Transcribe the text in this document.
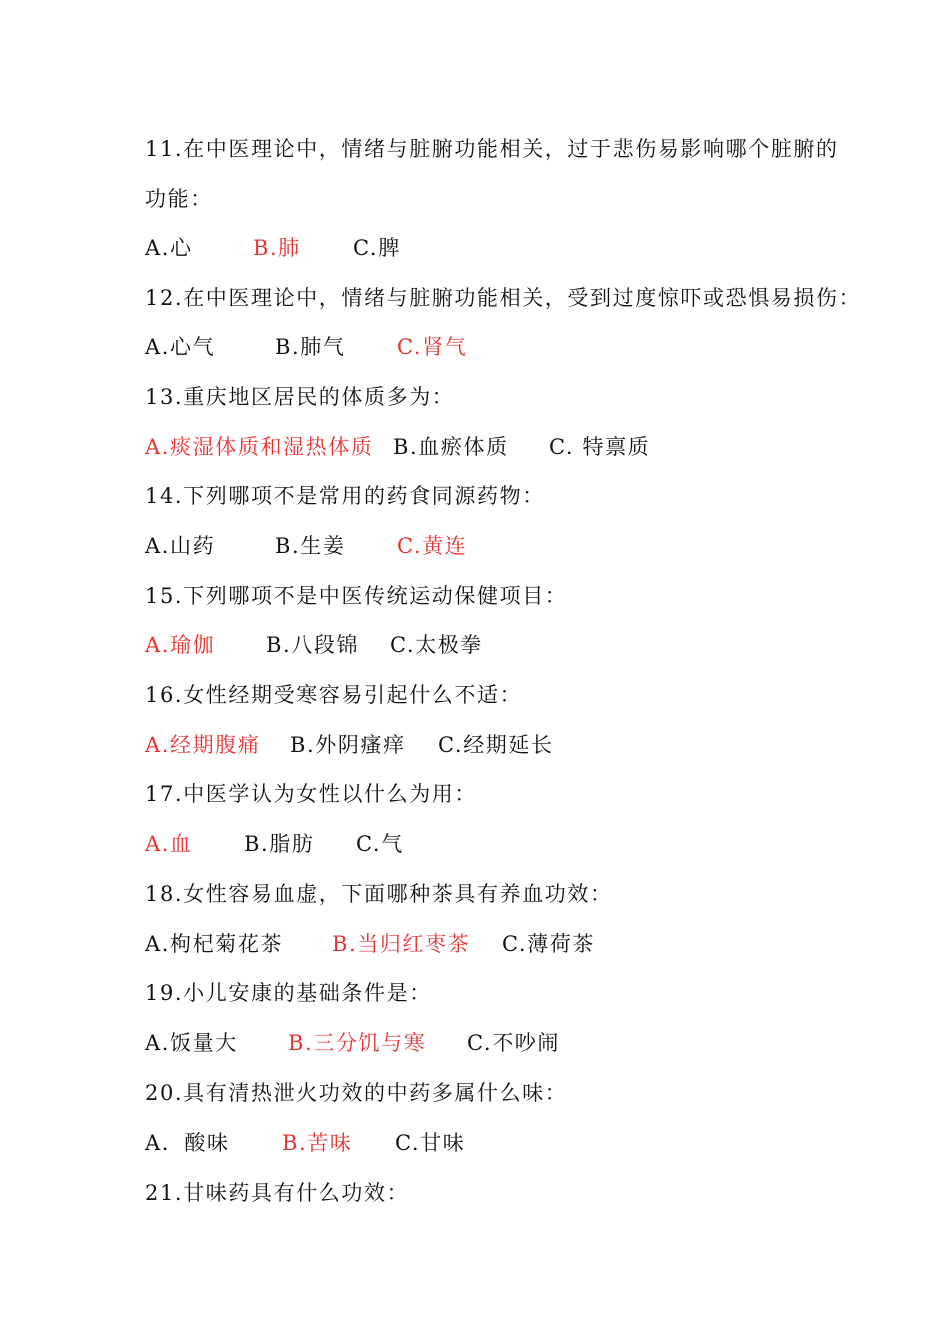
11.在中医理论中，情绪与脏腑功能相关，过于悲伤易影响哪个脏腑的
功能：
A.心	B.肺 C.脾
12.在中医理论中，情绪与脏腑功能相关，受到过度惊吓或恐惧易损伤：
A.心气	B.肺气 C.肾气
13.重庆地区居民的体质多为：
A.痰湿体质和湿热体质 B.血瘀体质 C. 特禀质
14.下列哪项不是常用的药食同源药物：
A.山药	B.生姜 C.黄连
15.下列哪项不是中医传统运动保健项目：
A.瑜伽 B.八段锦 C.太极拳
16.女性经期受寒容易引起什么不适：
A.经期腹痛 B.外阴瘙痒 C.经期延长
17.中医学认为女性以什么为用：
A.血 B.脂肪 C.气
18.女性容易血虚，下面哪种茶具有养血功效：
A.枸杞菊花茶 B.当归红枣茶 C.薄荷茶
19.小儿安康的基础条件是：
A.饭量大 B.三分饥与寒 C.不吵闹
20.具有清热泄火功效的中药多属什么味：
A．酸味 B.苦味 C.甘味
21.甘味药具有什么功效：
